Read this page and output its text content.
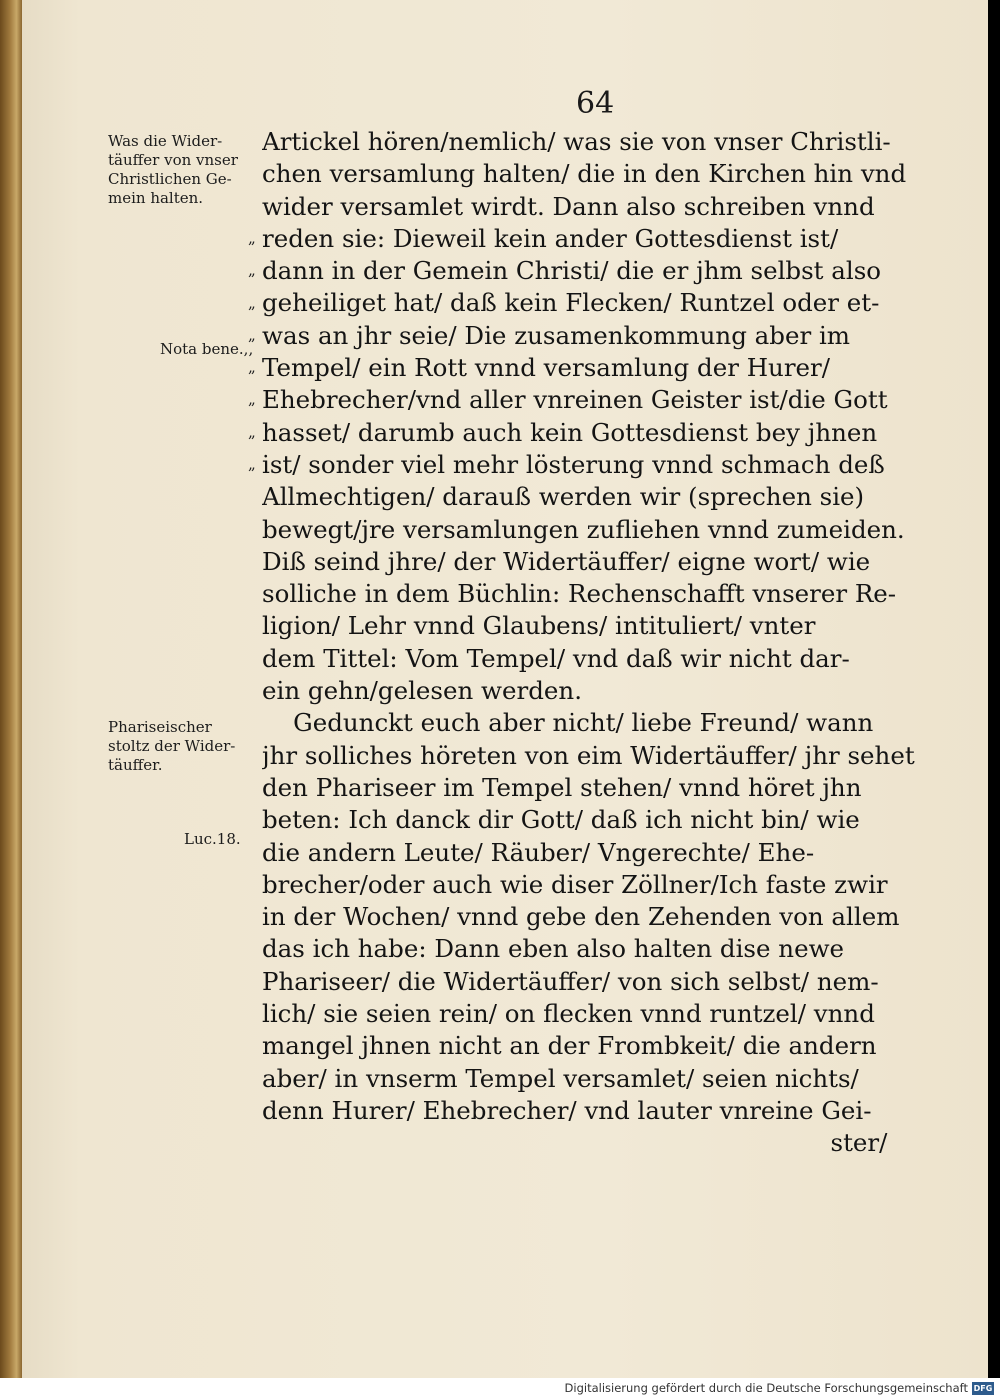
64
Was die Wider-
täuffer von vnser
Christlichen Ge-
mein halten.
Nota bene.,,
Phariseischer
stoltz der Wider-
täuffer.
Luc.18.
„
„
„
„
„
„
„
„
Artickel hören/nemlich/ was sie von vnser Christli-
chen versamlung halten/ die in den Kirchen hin vnd
wider versamlet wirdt. Dann also schreiben vnnd
reden sie: Dieweil kein ander Gottesdienst ist/
dann in der Gemein Christi/ die er jhm selbst also
geheiliget hat/ daß kein Flecken/ Runtzel oder et-
was an jhr seie/ Die zusamenkommung aber im
Tempel/ ein Rott vnnd versamlung der Hurer/
Ehebrecher/vnd aller vnreinen Geister ist/die Gott
hasset/ darumb auch kein Gottesdienst bey jhnen
ist/ sonder viel mehr lösterung vnnd schmach deß
Allmechtigen/ darauß werden wir (sprechen sie)
bewegt/jre versamlungen zufliehen vnnd zumeiden.
Diß seind jhre/ der Widertäuffer/ eigne wort/ wie
solliche in dem Büchlin: Rechenschafft vnserer Re-
ligion/ Lehr vnnd Glaubens/ intituliert/ vnter
dem Tittel: Vom Tempel/ vnd daß wir nicht dar-
ein gehn/gelesen werden.
Gedunckt euch aber nicht/ liebe Freund/ wann
jhr solliches höreten von eim Widertäuffer/ jhr sehet
den Phariseer im Tempel stehen/ vnnd höret jhn
beten: Ich danck dir Gott/ daß ich nicht bin/ wie
die andern Leute/ Räuber/ Vngerechte/ Ehe-
brecher/oder auch wie diser Zöllner/Ich faste zwir
in der Wochen/ vnnd gebe den Zehenden von allem
das ich habe: Dann eben also halten dise newe
Phariseer/ die Widertäuffer/ von sich selbst/ nem-
lich/ sie seien rein/ on flecken vnnd runtzel/ vnnd
mangel jhnen nicht an der Frombkeit/ die andern
aber/ in vnserm Tempel versamlet/ seien nichts/
denn Hurer/ Ehebrecher/ vnd lauter vnreine Gei-
ster/
Digitalisierung gefördert durch die Deutsche Forschungsgemeinschaft DFG
